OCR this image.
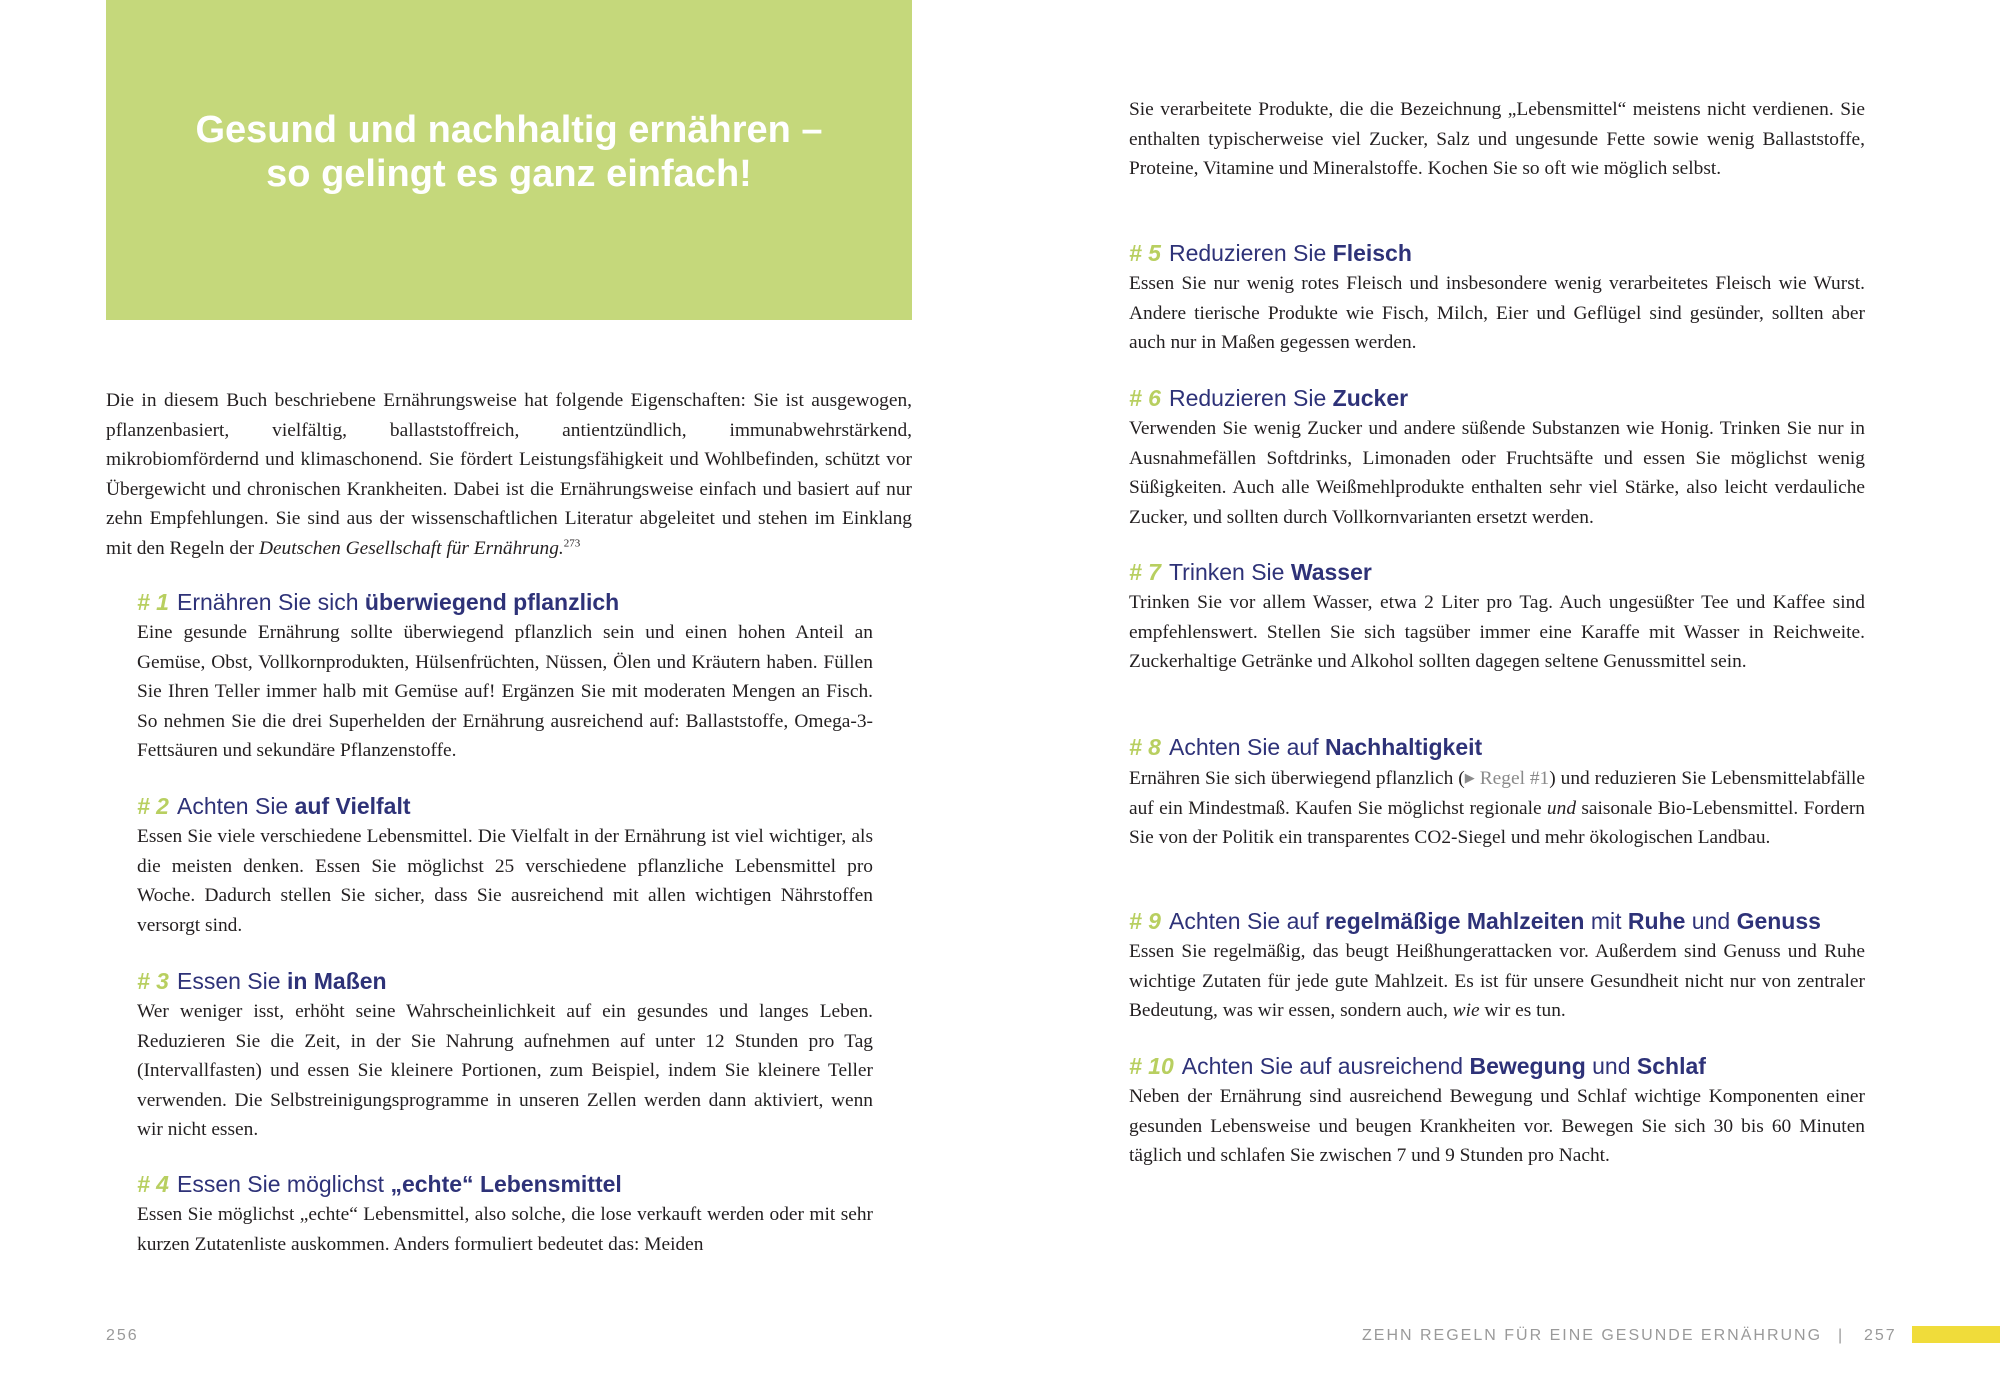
Gesund und nachhaltig ernähren –
so gelingt es ganz einfach!

Die in diesem Buch beschriebene Ernährungsweise hat folgende Eigenschaften: Sie ist ausgewogen, pflanzenbasiert, vielfältig, ballaststoffreich, antientzündlich, immunabwehrstärkend, mikrobiomfördernd und klimaschonend. Sie fördert Leistungsfähigkeit und Wohlbefinden, schützt vor Übergewicht und chronischen Krankheiten. Dabei ist die Ernährungsweise einfach und basiert auf nur zehn Empfehlungen. Sie sind aus der wissenschaftlichen Literatur abgeleitet und stehen im Einklang mit den Regeln der Deutschen Gesellschaft für Ernährung.$^{273}$

# 1 Ernähren Sie sich überwiegend pflanzlich

Eine gesunde Ernährung sollte überwiegend pflanzlich sein und einen hohen Anteil an Gemüse, Obst, Vollkornprodukten, Hülsenfrüchten, Nüssen, Ölen und Kräutern haben. Füllen Sie Ihren Teller immer halb mit Gemüse auf! Ergänzen Sie mit moderaten Mengen an Fisch. So nehmen Sie die drei Superhelden der Ernährung ausreichend auf: Ballaststoffe, Omega-3-Fettsäuren und sekundäre Pflanzenstoffe.

# 2 Achten Sie auf Vielfalt

Essen Sie viele verschiedene Lebensmittel. Die Vielfalt in der Ernährung ist viel wichtiger, als die meisten denken. Essen Sie möglichst 25 verschiedene pflanzliche Lebensmittel pro Woche. Dadurch stellen Sie sicher, dass Sie ausreichend mit allen wichtigen Nährstoffen versorgt sind.

# 3 Essen Sie in Maßen

Wer weniger isst, erhöht seine Wahrscheinlichkeit auf ein gesundes und langes Leben. Reduzieren Sie die Zeit, in der Sie Nahrung aufnehmen auf unter 12 Stunden pro Tag (Intervallfasten) und essen Sie kleinere Portionen, zum Beispiel, indem Sie kleinere Teller verwenden. Die Selbstreinigungsprogramme in unseren Zellen werden dann aktiviert, wenn wir nicht essen.

# 4 Essen Sie möglichst „echte“ Lebensmittel

Essen Sie möglichst „echte“ Lebensmittel, also solche, die lose verkauft werden oder mit sehr kurzen Zutatenliste auskommen. Anders formuliert bedeutet das: Meiden

Sie verarbeitete Produkte, die die Bezeichnung „Lebensmittel“ meistens nicht verdienen. Sie enthalten typischerweise viel Zucker, Salz und ungesunde Fette sowie wenig Ballaststoffe, Proteine, Vitamine und Mineralstoffe. Kochen Sie so oft wie möglich selbst.

# 5 Reduzieren Sie Fleisch

Essen Sie nur wenig rotes Fleisch und insbesondere wenig verarbeitetes Fleisch wie Wurst. Andere tierische Produkte wie Fisch, Milch, Eier und Geflügel sind gesünder, sollten aber auch nur in Maßen gegessen werden.

# 6 Reduzieren Sie Zucker

Verwenden Sie wenig Zucker und andere süßende Substanzen wie Honig. Trinken Sie nur in Ausnahmefällen Softdrinks, Limonaden oder Fruchtsäfte und essen Sie möglichst wenig Süßigkeiten. Auch alle Weißmehlprodukte enthalten sehr viel Stärke, also leicht verdauliche Zucker, und sollten durch Vollkornvarianten ersetzt werden.

# 7 Trinken Sie Wasser

Trinken Sie vor allem Wasser, etwa 2 Liter pro Tag. Auch ungesüßter Tee und Kaffee sind empfehlenswert. Stellen Sie sich tagsüber immer eine Karaffe mit Wasser in Reichweite. Zuckerhaltige Getränke und Alkohol sollten dagegen seltene Genussmittel sein.

# 8 Achten Sie auf Nachhaltigkeit

Ernähren Sie sich überwiegend pflanzlich (▶ Regel #1) und reduzieren Sie Lebensmittelabfälle auf ein Mindestmaß. Kaufen Sie möglichst regionale und saisonale Bio-Lebensmittel. Fordern Sie von der Politik ein transparentes CO2-Siegel und mehr ökologischen Landbau.

# 9 Achten Sie auf regelmäßige Mahlzeiten mit Ruhe und Genuss

Essen Sie regelmäßig, das beugt Heißhungerattacken vor. Außerdem sind Genuss und Ruhe wichtige Zutaten für jede gute Mahlzeit. Es ist für unsere Gesundheit nicht nur von zentraler Bedeutung, was wir essen, sondern auch, wie wir es tun.

# 10 Achten Sie auf ausreichend Bewegung und Schlaf

Neben der Ernährung sind ausreichend Bewegung und Schlaf wichtige Komponenten einer gesunden Lebensweise und beugen Krankheiten vor. Bewegen Sie sich 30 bis 60 Minuten täglich und schlafen Sie zwischen 7 und 9 Stunden pro Nacht.

256	ZEHN REGELN FÜR EINE GESUNDE ERNÄHRUNG | 257
